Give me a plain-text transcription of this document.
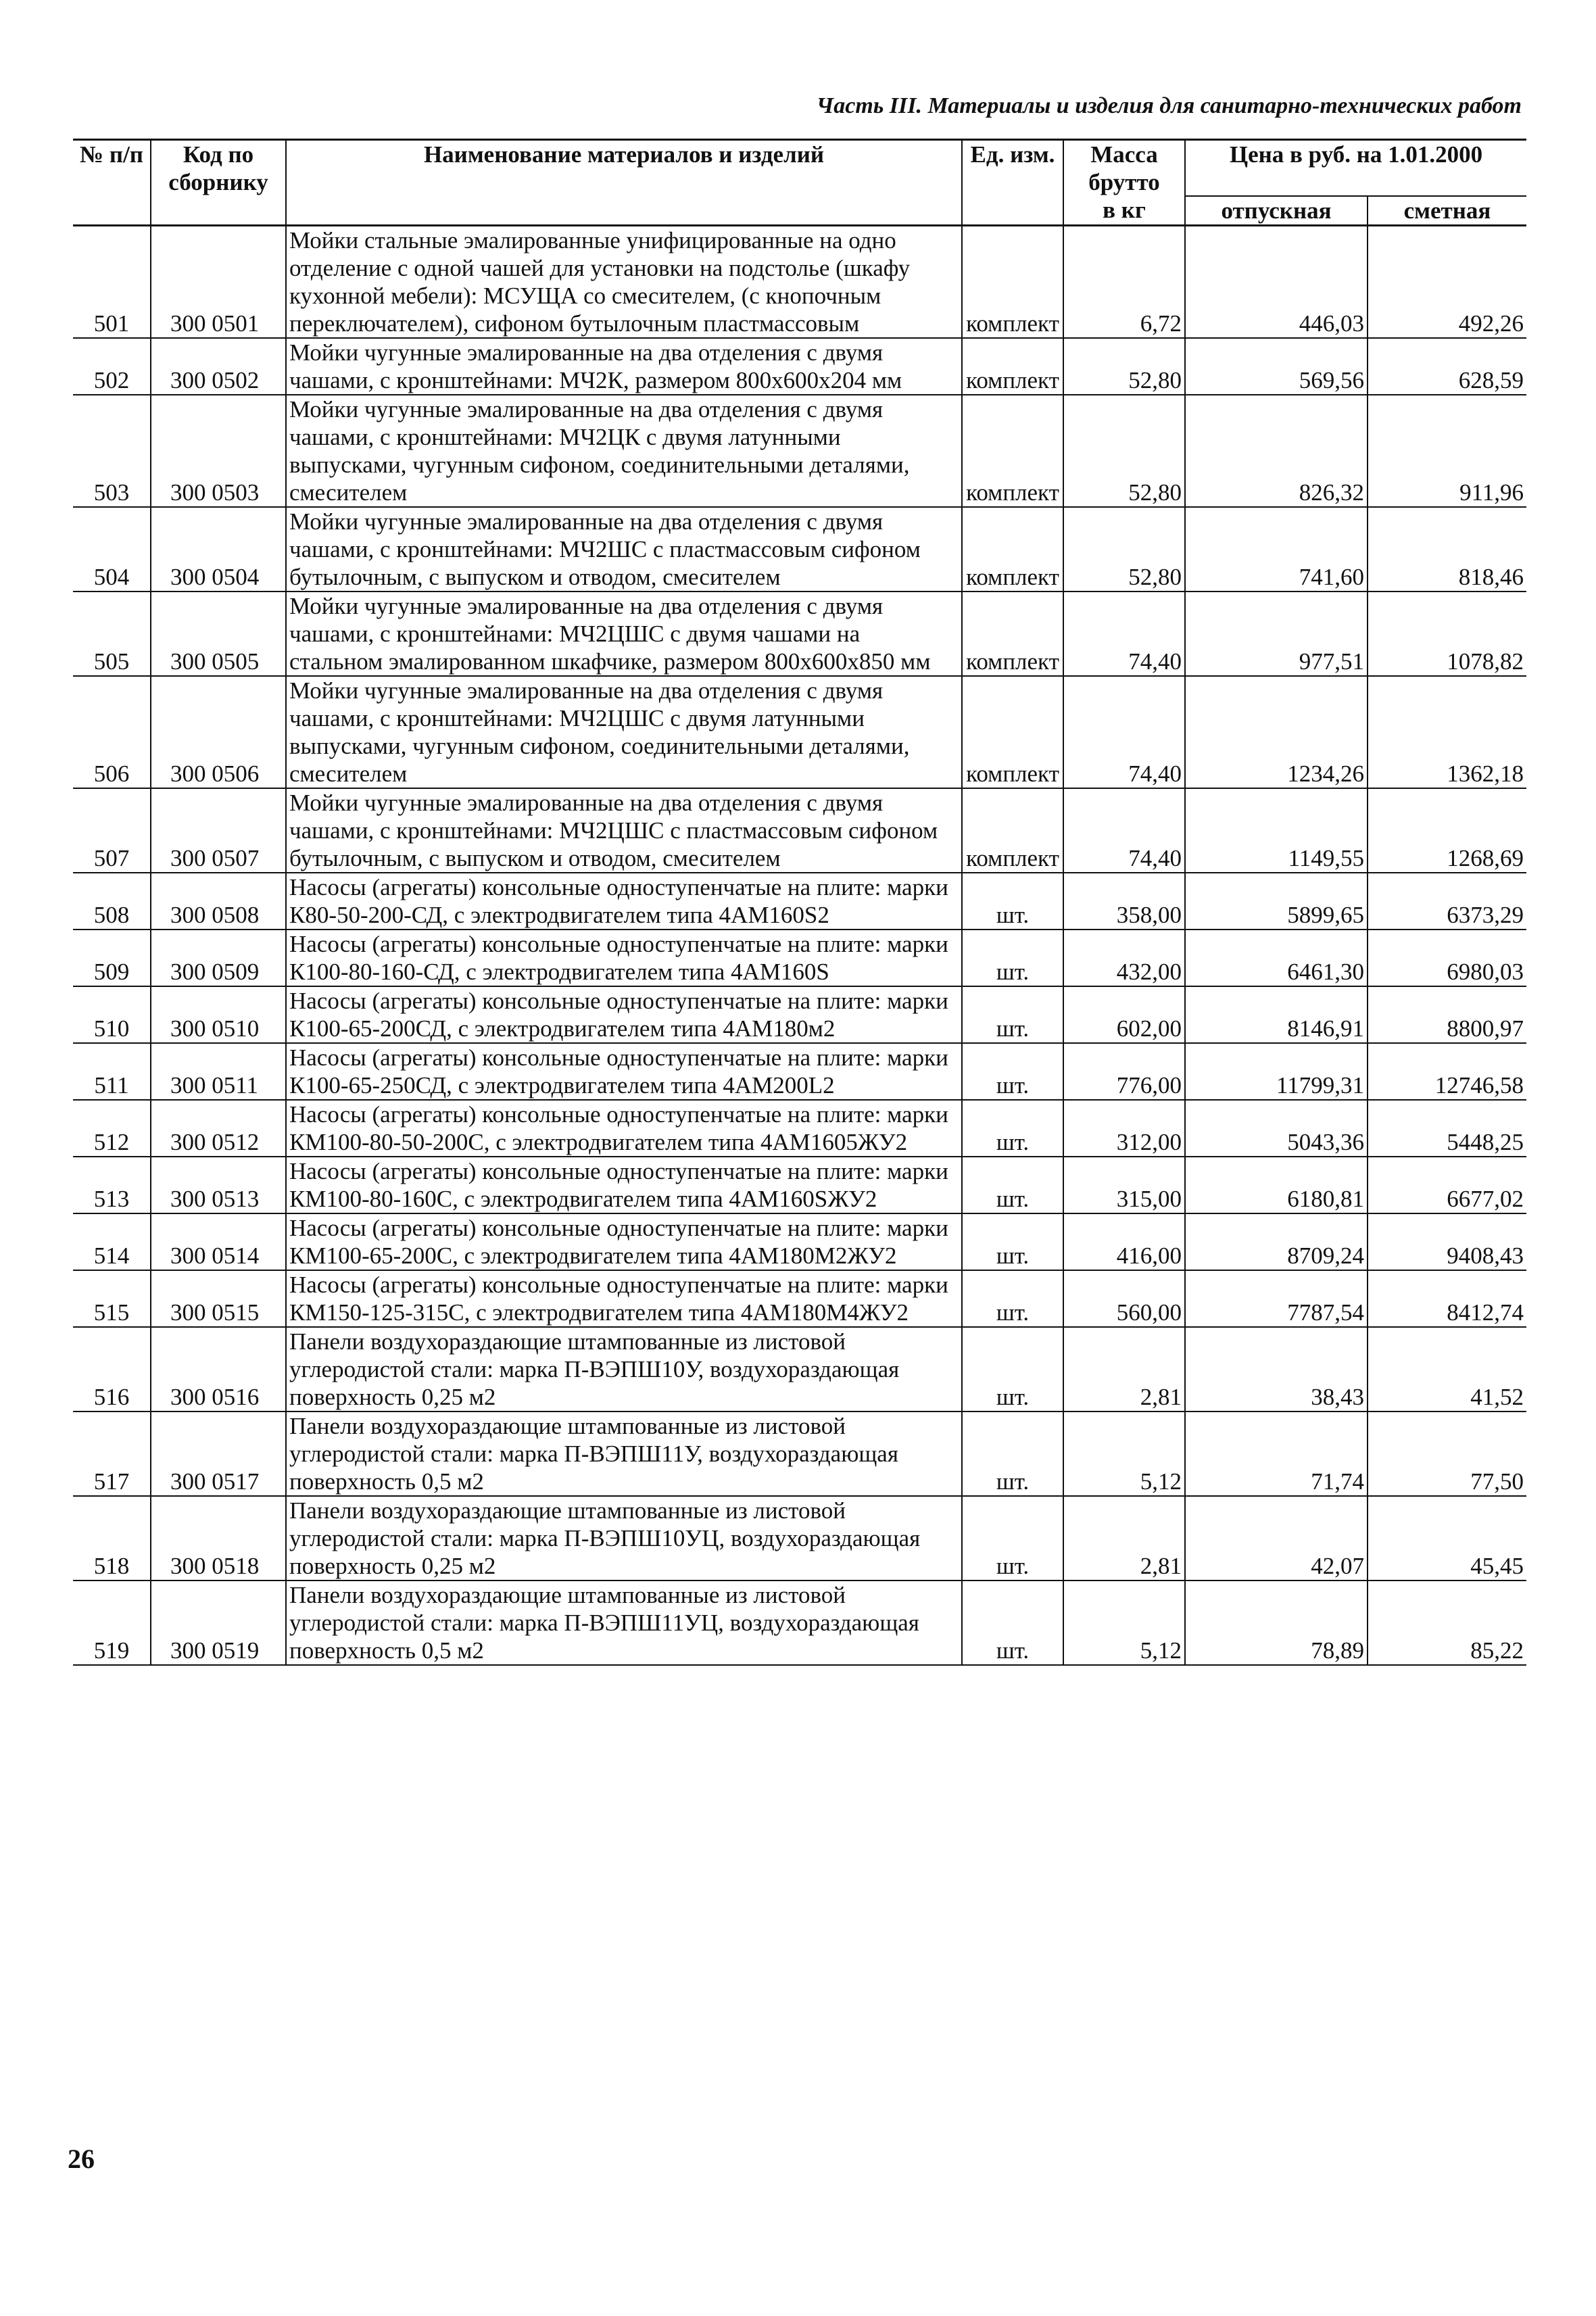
Часть III. Материалы и изделия для санитарно-технических работ
№ п/п	Код по сборнику	Наименование материалов и изделий	Ед. изм.	Масса брутто	Цена в руб. на 1.01.2000	
				в кг	отпускная	сметная
501	300 0501	Мойки стальные эмалированные унифицированные на одно отделение с одной чашей для установки на подстолье (шкафу кухонной мебели): МСУЩА со смесителем, (с кнопочным переключателем), сифоном бутылочным пластмассовым	комплект	6,72	446,03	492,26
502	300 0502	Мойки чугунные эмалированные на два отделения с двумя чашами, с кронштейнами: МЧ2К, размером 800х600х204 мм	комплект	52,80	569,56	628,59
503	300 0503	Мойки чугунные эмалированные на два отделения с двумя чашами, с кронштейнами: МЧ2ЦК с двумя латунными выпусками, чугунным сифоном, соединительными деталями, смесителем	комплект	52,80	826,32	911,96
504	300 0504	Мойки чугунные эмалированные на два отделения с двумя чашами, с кронштейнами: МЧ2ШС с пластмассовым сифоном бутылочным, с выпуском и отводом, смесителем	комплект	52,80	741,60	818,46
505	300 0505	Мойки чугунные эмалированные на два отделения с двумя чашами, с кронштейнами: МЧ2ЦШС с двумя чашами на стальном эмалированном шкафчике, размером 800х600х850 мм	комплект	74,40	977,51	1078,82
506	300 0506	Мойки чугунные эмалированные на два отделения с двумя чашами, с кронштейнами: МЧ2ЦШС с двумя латунными выпусками, чугунным сифоном, соединительными деталями, смесителем	комплект	74,40	1234,26	1362,18
507	300 0507	Мойки чугунные эмалированные на два отделения с двумя чашами, с кронштейнами: МЧ2ЦШС с пластмассовым сифоном бутылочным, с выпуском и отводом, смесителем	комплект	74,40	1149,55	1268,69
508	300 0508	Насосы (агрегаты) консольные одноступенчатые на плите: марки К80-50-200-СД, с электродвигателем типа 4АМ160S2	шт.	358,00	5899,65	6373,29
509	300 0509	Насосы (агрегаты) консольные одноступенчатые на плите: марки К100-80-160-СД, с электродвигателем типа 4АМ160S	шт.	432,00	6461,30	6980,03
510	300 0510	Насосы (агрегаты) консольные одноступенчатые на плите: марки К100-65-200СД, с электродвигателем типа 4АМ180м2	шт.	602,00	8146,91	8800,97
511	300 0511	Насосы (агрегаты) консольные одноступенчатые на плите: марки К100-65-250СД, с электродвигателем типа 4АМ200L2	шт.	776,00	11799,31	12746,58
512	300 0512	Насосы (агрегаты) консольные одноступенчатые на плите: марки КМ100-80-50-200С, с электродвигателем типа 4АМ1605ЖУ2	шт.	312,00	5043,36	5448,25
513	300 0513	Насосы (агрегаты) консольные одноступенчатые на плите: марки КМ100-80-160С, с электродвигателем типа 4АМ160SЖУ2	шт.	315,00	6180,81	6677,02
514	300 0514	Насосы (агрегаты) консольные одноступенчатые на плите: марки КМ100-65-200С, с электродвигателем типа 4АМ180М2ЖУ2	шт.	416,00	8709,24	9408,43
515	300 0515	Насосы (агрегаты) консольные одноступенчатые на плите: марки КМ150-125-315С, с электродвигателем типа 4АМ180М4ЖУ2	шт.	560,00	7787,54	8412,74
516	300 0516	Панели воздухораздающие штампованные из листовой углеродистой стали: марка П-ВЭПШ10У, воздухораздающая поверхность 0,25 м2	шт.	2,81	38,43	41,52
517	300 0517	Панели воздухораздающие штампованные из листовой углеродистой стали: марка П-ВЭПШ11У, воздухораздающая поверхность 0,5 м2	шт.	5,12	71,74	77,50
518	300 0518	Панели воздухораздающие штампованные из листовой углеродистой стали: марка П-ВЭПШ10УЦ, воздухораздающая поверхность 0,25 м2	шт.	2,81	42,07	45,45
519	300 0519	Панели воздухораздающие штампованные из листовой углеродистой стали: марка П-ВЭПШ11УЦ, воздухораздающая поверхность 0,5 м2	шт.	5,12	78,89	85,22
26
